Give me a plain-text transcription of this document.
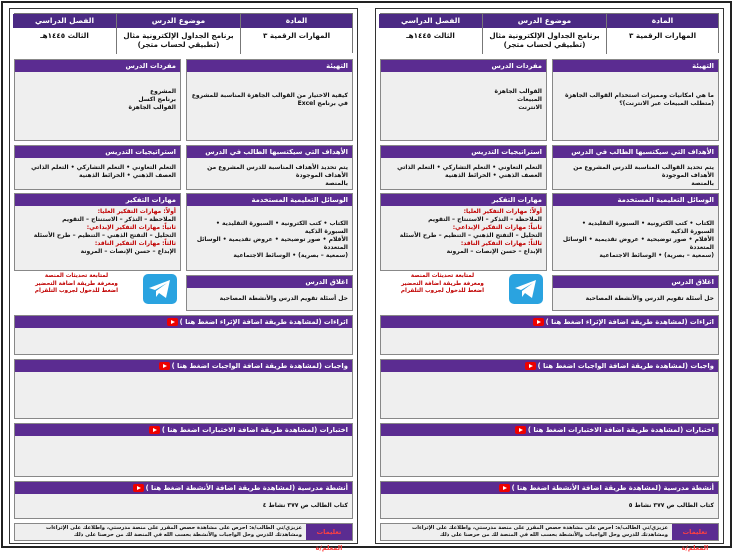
المادة
المهارات الرقمية ٣
موضوع الدرس
برنامج الجداول الإلكترونية مثال (تطبيقي لحساب متجر)
الفصل الدراسي
الثالث ١٤٤٥هـ
التهيئة
ما هي امكانيات ومميزات استخدام القوالب الجاهزة (متطلب المبيعات عبر الانترنت)؟
مفردات الدرس

القوالب الجاهزة

المبيعات

الانترنت

الأهداف التي سيكتسبها الطالب في الدرس

يتم تحديد القوالب المناسبة للدرس المشروع من الأهداف الموجودة

بالمنصة

استراتيجيات التدريس

التعلم التعاوني • التعلم التشاركي • التعلم الذاتي

العصف الذهني • الخرائط الذهنية

الوسائل التعليمية المستخدمة

الكتاب • كتب الكترونية • السبورة التقليدية • السبورة الذكية

الأقلام • صور توضيحية • عروض تقديمية • الوسائل المتعددة

(سمعية – بصرية) • الوسائط الاجتماعية

مهارات التفكير

أولاً: مهارات التفكير العليا:

الملاحظة – التذكر – الاستنتاج – التقويم

ثانياً: مهارات التفكير الإبداعي:

التحليل – التفتح الذهني – التنظيم – طرح الأسئلة

ثالثاً: مهارات التفكير الناقد:

الإبداع – حسن الإنصات – المرونة

اغلاق الدرس
حل أسئلة تقويم الدرس والأنشطة المصاحبة

لمتابعة تحديثات المنصة

ومعرفة طريقة اضافة التحضير

اضغط للدخول لجروب التلقرام

اثراءات (لمشاهدة طريقة اضافة الإثراء اضغط هنا )
واجبات (لمشاهدة طريقة اضافة الواجبات اضغط هنا )
اختبارات (لمشاهدة طريقة اضافة الاختبارات اضغط هنا )
أنشطة مدرسية (لمشاهدة طريقة اضافة الأنشطة اضغط هنا )
كتاب الطالب ص ٣٧٧ نشاط ٥
تعليمات المعلم/ة
عزيزي/تي الطالب/ة: احرص على مشاهدة حصص المقرر على منصة مدرستي، واطلاعك على الإثراءات ومشاهدتك للدرس وحل الواجبات والأنشطة بحسب الله في المنصة لك من حرصنا على ذلك
المادة
المهارات الرقمية ٣
موضوع الدرس
برنامج الجداول الإلكترونية مثال (تطبيقي لحساب متجر)
الفصل الدراسي
الثالث ١٤٤٥هـ
التهيئة
كيفية الاختيار من القوالب الجاهزة المناسبة للمشروع في برنامج Excel
مفردات الدرس

المشروع

برنامج اكسل

القوالب الجاهزة

الأهداف التي سيكتسبها الطالب في الدرس

يتم تحديد الأهداف المناسبة للدرس المشروع من الأهداف الموجودة

بالمنصة

استراتيجيات التدريس

التعلم التعاوني • التعلم التشاركي • التعلم الذاتي

العصف الذهني • الخرائط الذهنية

الوسائل التعليمية المستخدمة

الكتاب • كتب الكترونية • السبورة التقليدية • السبورة الذكية

الأقلام • صور توضيحية • عروض تقديمية • الوسائل المتعددة

(سمعية – بصرية) • الوسائط الاجتماعية

مهارات التفكير

أولاً: مهارات التفكير العليا:

الملاحظة – التذكر – الاستنتاج – التقويم

ثانياً: مهارات التفكير الإبداعي:

التحليل – التفتح الذهني – التنظيم – طرح الأسئلة

ثالثاً: مهارات التفكير الناقد:

الإبداع – حسن الإنصات – المرونة

اغلاق الدرس
حل أسئلة تقويم الدرس والأنشطة المصاحبة

لمتابعة تحديثات المنصة

ومعرفة طريقة اضافة التحضير

اضغط للدخول لجروب التلقرام

اثراءات (لمشاهدة طريقة اضافة الإثراء اضغط هنا )
واجبات (لمشاهدة طريقة اضافة الواجبات اضغط هنا )
اختبارات (لمشاهدة طريقة اضافة الاختبارات اضغط هنا )
أنشطة مدرسية (لمشاهدة طريقة اضافة الأنشطة اضغط هنا )
كتاب الطالب ص ٣٧٧ نشاط ٤
تعليمات المعلم/ة
عزيزي/تي الطالب/ة: احرص على مشاهدة حصص المقرر على منصة مدرستي، واطلاعك على الإثراءات ومشاهدتك للدرس وحل الواجبات والأنشطة بحسب الله في المنصة لك من حرصنا على ذلك
